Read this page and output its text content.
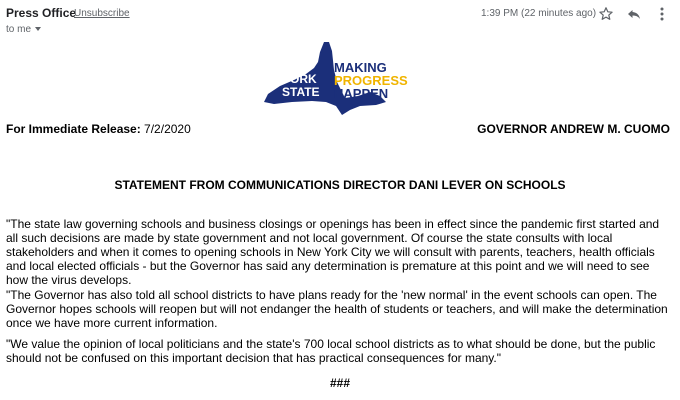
Press Office
Unsubscribe
to me
1:39 PM (22 minutes ago)
NEW
YORK
STATE
MAKING
PROGRESS
HAPPEN
For Immediate Release: 7/2/2020	GOVERNOR ANDREW M. CUOMO
STATEMENT FROM COMMUNICATIONS DIRECTOR DANI LEVER ON SCHOOLS
"The state law governing schools and business closings or openings has been in effect since the pandemic first started and all such decisions are made by state government and not local government. Of course the state consults with local stakeholders and when it comes to opening schools in New York City we will consult with parents, teachers, health officials and local elected officials - but the Governor has said any determination is premature at this point and we will need to see how the virus develops.
"The Governor has also told all school districts to have plans ready for the 'new normal' in the event schools can open. The Governor hopes schools will reopen but will not endanger the health of students or teachers, and will make the determination once we have more current information.
"We value the opinion of local politicians and the state's 700 local school districts as to what should be done, but the public should not be confused on this important decision that has practical consequences for many."
###
